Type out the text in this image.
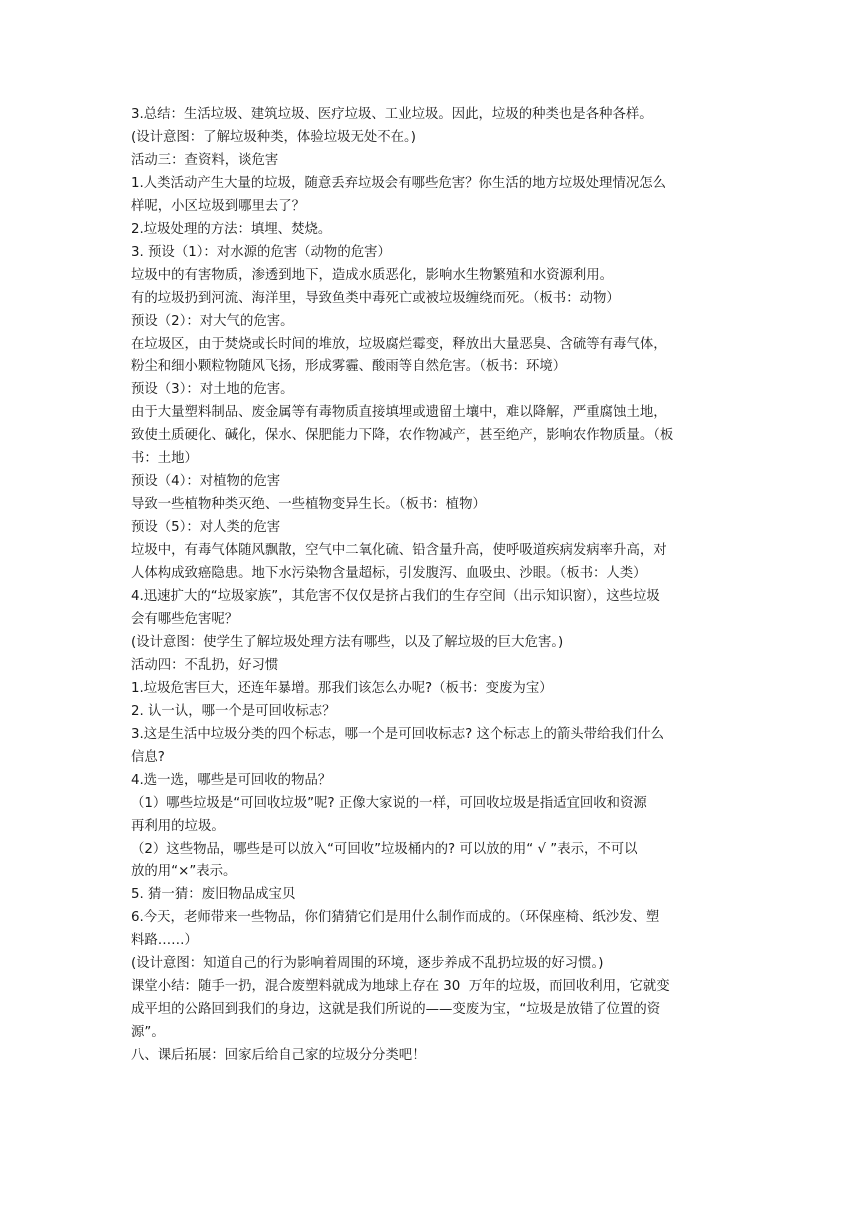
3.总结：生活垃圾、建筑垃圾、医疗垃圾、工业垃圾。因此，垃圾的种类也是各种各样。

(设计意图：了解垃圾种类，体验垃圾无处不在。)

活动三：查资料，谈危害

1.人类活动产生大量的垃圾，随意丢弃垃圾会有哪些危害？你生活的地方垃圾处理情况怎么

样呢，小区垃圾到哪里去了？

2.垃圾处理的方法：填埋、焚烧。

3. 预设（1）：对水源的危害（动物的危害）

垃圾中的有害物质，渗透到地下，造成水质恶化，影响水生物繁殖和水资源利用。

有的垃圾扔到河流、海洋里，导致鱼类中毒死亡或被垃圾缠绕而死。（板书：动物）

预设（2）：对大气的危害。

在垃圾区，由于焚烧或长时间的堆放，垃圾腐烂霉变，释放出大量恶臭、含硫等有毒气体，

粉尘和细小颗粒物随风飞扬，形成雾霾、酸雨等自然危害。（板书：环境）

预设（3）：对土地的危害。

由于大量塑料制品、废金属等有毒物质直接填埋或遗留土壤中，难以降解，严重腐蚀土地，

致使土质硬化、碱化，保水、保肥能力下降，农作物减产，甚至绝产，影响农作物质量。（板

书：土地）

预设（4）：对植物的危害

导致一些植物种类灭绝、一些植物变异生长。（板书：植物）

预设（5）：对人类的危害

垃圾中，有毒气体随风飘散，空气中二氧化硫、铅含量升高，使呼吸道疾病发病率升高，对

人体构成致癌隐患。地下水污染物含量超标，引发腹泻、血吸虫、沙眼。（板书：人类）

4.迅速扩大的“垃圾家族”，其危害不仅仅是挤占我们的生存空间（出示知识窗），这些垃圾

会有哪些危害呢？

(设计意图：使学生了解垃圾处理方法有哪些，以及了解垃圾的巨大危害。)

活动四：不乱扔，好习惯

1.垃圾危害巨大，还连年暴增。那我们该怎么办呢?（板书：变废为宝）

2. 认一认，哪一个是可回收标志？

3.这是生活中垃圾分类的四个标志，哪一个是可回收标志? 这个标志上的箭头带给我们什么

信息?

4.选一选，哪些是可回收的物品？

（1）哪些垃圾是“可回收垃圾”呢? 正像大家说的一样，可回收垃圾是指适宜回收和资源

再利用的垃圾。

（2）这些物品，哪些是可以放入“可回收”垃圾桶内的? 可以放的用“ √ ”表示，不可以

放的用“×”表示。

5. 猜一猜：废旧物品成宝贝

6.今天，老师带来一些物品，你们猜猜它们是用什么制作而成的。（环保座椅、纸沙发、塑

料路……）

(设计意图：知道自己的行为影响着周围的环境，逐步养成不乱扔垃圾的好习惯。)

课堂小结：随手一扔，混合废塑料就成为地球上存在 30  万年的垃圾，而回收利用，它就变

成平坦的公路回到我们的身边，这就是我们所说的——变废为宝，“垃圾是放错了位置的资

源”。

八、课后拓展：回家后给自己家的垃圾分分类吧！
